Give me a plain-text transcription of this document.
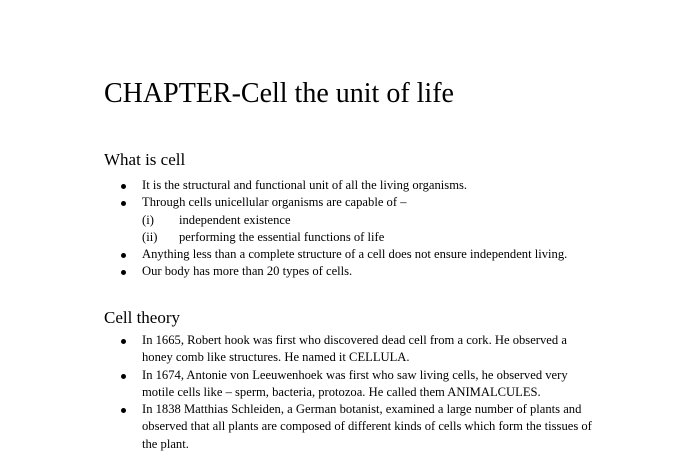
CHAPTER-Cell the unit of life
What is cell
It is the structural and functional unit of all the living organisms.
Through cells unicellular organisms are capable of –
(i) independent existence
(ii) performing the essential functions of life
Anything less than a complete structure of a cell does not ensure independent living.
Our body has more than 20 types of cells.
Cell theory
In 1665, Robert hook was first who discovered dead cell from a cork. He observed a honey comb like structures. He named it CELLULA.
In 1674, Antonie von Leeuwenhoek was first who saw living cells, he observed very motile cells like – sperm, bacteria, protozoa. He called them ANIMALCULES.
In 1838 Matthias Schleiden, a German botanist, examined a large number of plants and observed that all plants are composed of different kinds of cells which form the tissues of the plant.
